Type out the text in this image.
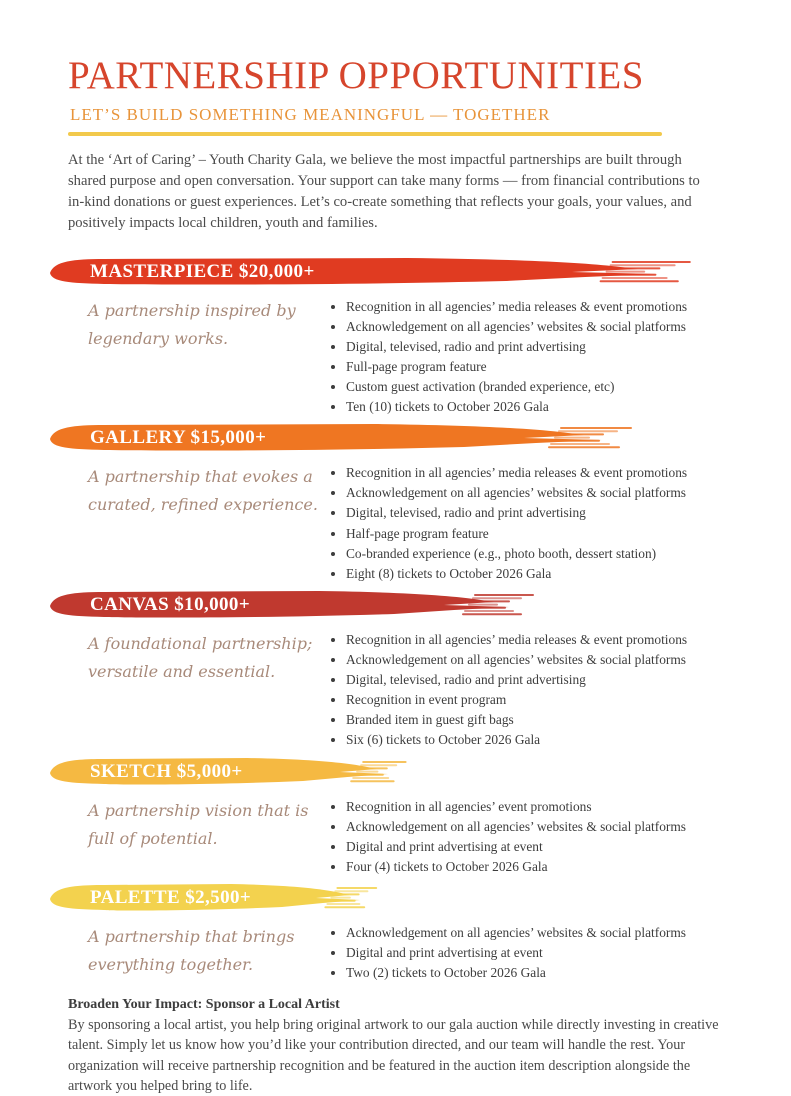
PARTNERSHIP OPPORTUNITIES
LET’S BUILD SOMETHING MEANINGFUL — TOGETHER

At the ‘Art of Caring’ – Youth Charity Gala, we believe the most impactful partnerships are built through shared purpose and open conversation. Your support can take many forms — from financial contributions to in-kind donations or guest experiences. Let’s co-create something that reflects your goals, your values, and positively impacts local children, youth and families.

MASTERPIECE $20,000+
A partnership inspired by legendary works.
• Recognition in all agencies’ media releases & event promotions
• Acknowledgement on all agencies’ websites & social platforms
• Digital, televised, radio and print advertising
• Full-page program feature
• Custom guest activation (branded experience, etc)
• Ten (10) tickets to October 2026 Gala
GALLERY $15,000+
A partnership that evokes a curated, refined experience.
• Recognition in all agencies’ media releases & event promotions
• Acknowledgement on all agencies’ websites & social platforms
• Digital, televised, radio and print advertising
• Half-page program feature
• Co-branded experience (e.g., photo booth, dessert station)
• Eight (8) tickets to October 2026 Gala
CANVAS $10,000+
A foundational partnership; versatile and essential.
• Recognition in all agencies’ media releases & event promotions
• Acknowledgement on all agencies’ websites & social platforms
• Digital, televised, radio and print advertising
• Recognition in event program
• Branded item in guest gift bags
• Six (6) tickets to October 2026 Gala
SKETCH $5,000+
A partnership vision that is full of potential.
• Recognition in all agencies’ event promotions
• Acknowledgement on all agencies’ websites & social platforms
• Digital and print advertising at event
• Four (4) tickets to October 2026 Gala
PALETTE $2,500+
A partnership that brings everything together.
• Acknowledgement on all agencies’ websites & social platforms
• Digital and print advertising at event
• Two (2) tickets to October 2026 Gala
Broaden Your Impact: Sponsor a Local Artist
By sponsoring a local artist, you help bring original artwork to our gala auction while directly investing in creative talent. Simply let us know how you’d like your contribution directed, and our team will handle the rest. Your organization will receive partnership recognition and be featured in the auction item description alongside the artwork you helped bring to life.
